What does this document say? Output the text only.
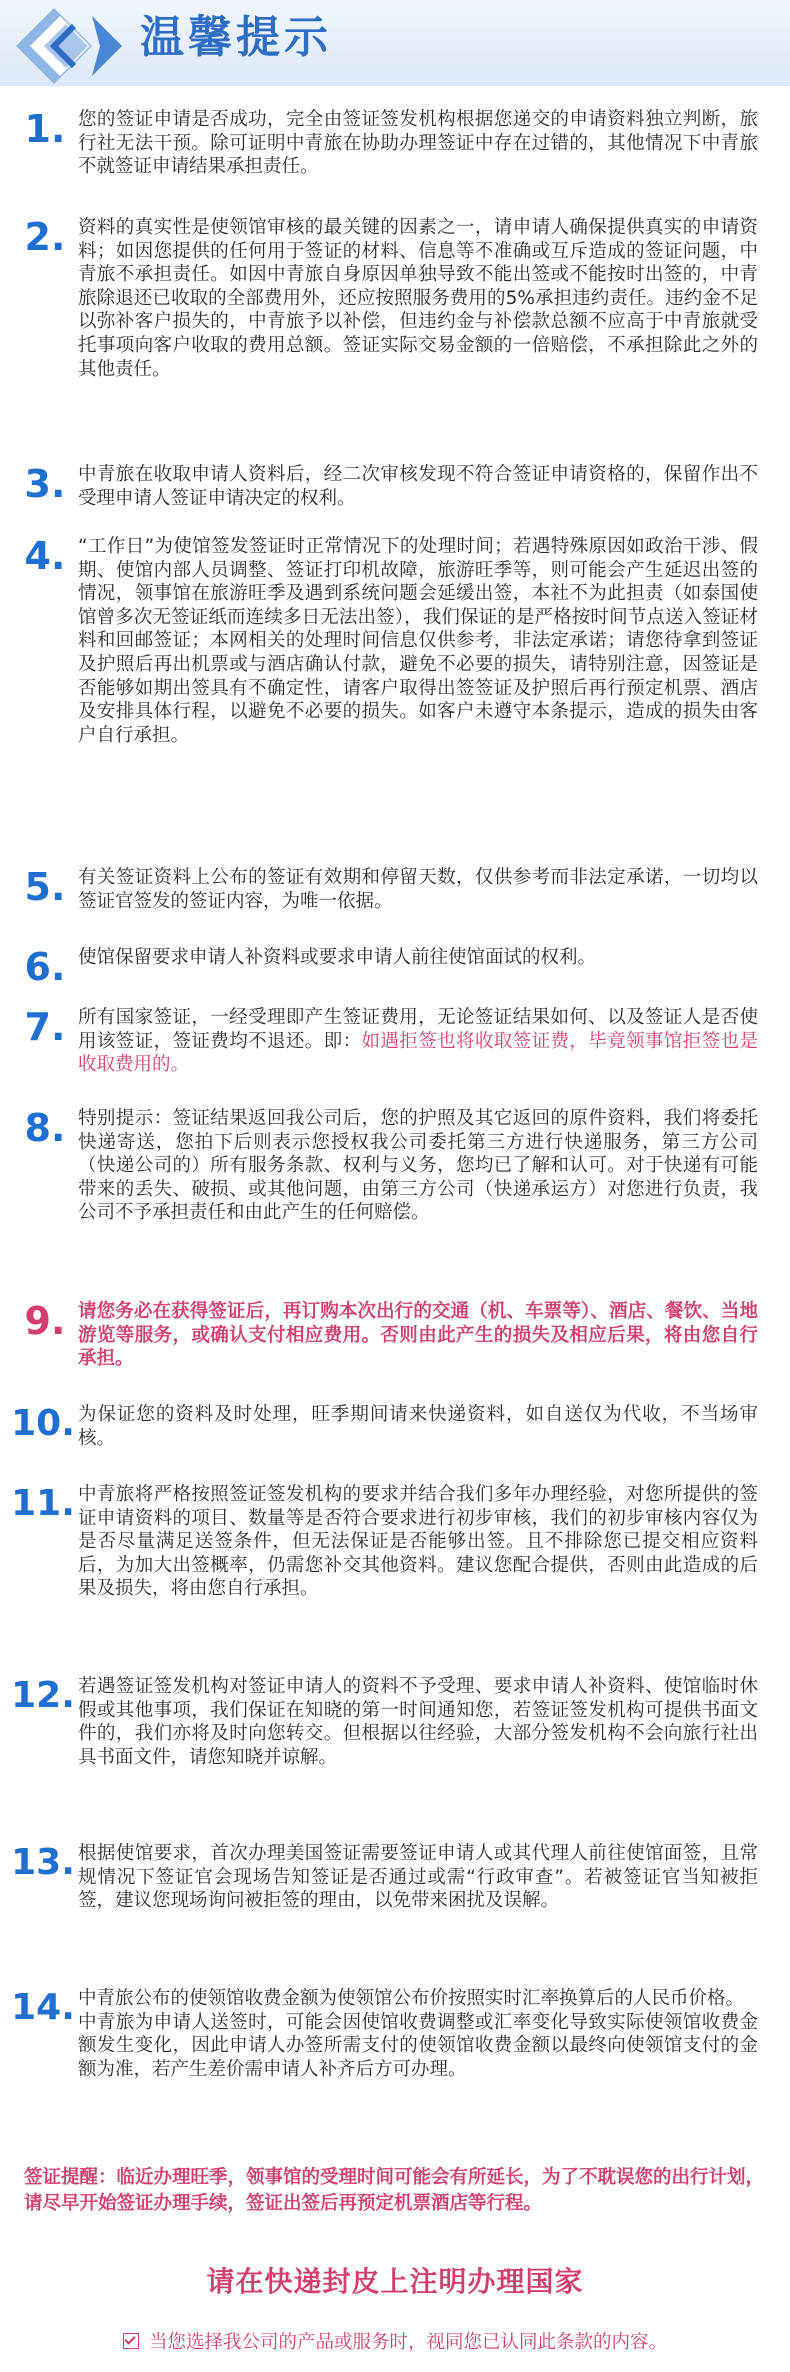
温馨提示
1. 您的签证申请是否成功，完全由签证签发机构根据您递交的申请资料独立判断，旅行社无法干预。除可证明中青旅在协助办理签证中存在过错的，其他情况下中青旅不就签证申请结果承担责任。
2. 资料的真实性是使领馆审核的最关键的因素之一，请申请人确保提供真实的申请资料；如因您提供的任何用于签证的材料、信息等不准确或互斥造成的签证问题，中青旅不承担责任。如因中青旅自身原因单独导致不能出签或不能按时出签的，中青旅除退还已收取的全部费用外，还应按照服务费用的5%承担违约责任。违约金不足以弥补客户损失的，中青旅予以补偿，但违约金与补偿款总额不应高于中青旅就受托事项向客户收取的费用总额。签证实际交易金额的一倍赔偿，不承担除此之外的其他责任。
3. 中青旅在收取申请人资料后，经二次审核发现不符合签证申请资格的，保留作出不受理申请人签证申请决定的权利。
4. “工作日”为使馆签发签证时正常情况下的处理时间；若遇特殊原因如政治干涉、假期、使馆内部人员调整、签证打印机故障，旅游旺季等，则可能会产生延迟出签的情况，领事馆在旅游旺季及遇到系统问题会延缓出签，本社不为此担责（如泰国使馆曾多次无签证纸而连续多日无法出签），我们保证的是严格按时间节点送入签证材料和回邮签证；本网相关的处理时间信息仅供参考，非法定承诺；请您待拿到签证及护照后再出机票或与酒店确认付款，避免不必要的损失，请特别注意，因签证是否能够如期出签具有不确定性，请客户取得出签签证及护照后再行预定机票、酒店及安排具体行程，以避免不必要的损失。如客户未遵守本条提示，造成的损失由客户自行承担。
5. 有关签证资料上公布的签证有效期和停留天数，仅供参考而非法定承诺，一切均以签证官签发的签证内容，为唯一依据。
6. 使馆保留要求申请人补资料或要求申请人前往使馆面试的权利。
7. 所有国家签证，一经受理即产生签证费用，无论签证结果如何、以及签证人是否使用该签证，签证费均不退还。即：如遇拒签也将收取签证费，毕竟领事馆拒签也是收取费用的。
8. 特别提示：签证结果返回我公司后，您的护照及其它返回的原件资料，我们将委托快递寄送，您拍下后则表示您授权我公司委托第三方进行快递服务，第三方公司（快递公司的）所有服务条款、权利与义务，您均已了解和认可。对于快递有可能带来的丢失、破损、或其他问题，由第三方公司（快递承运方）对您进行负责，我公司不予承担责任和由此产生的任何赔偿。
9. 请您务必在获得签证后，再订购本次出行的交通（机、车票等）、酒店、餐饮、当地游览等服务，或确认支付相应费用。否则由此产生的损失及相应后果，将由您自行承担。
10. 为保证您的资料及时处理，旺季期间请来快递资料，如自送仅为代收，不当场审核。
11. 中青旅将严格按照签证签发机构的要求并结合我们多年办理经验，对您所提供的签证申请资料的项目、数量等是否符合要求进行初步审核，我们的初步审核内容仅为是否尽量满足送签条件，但无法保证是否能够出签。且不排除您已提交相应资料后，为加大出签概率，仍需您补交其他资料。建议您配合提供，否则由此造成的后果及损失，将由您自行承担。
12. 若遇签证签发机构对签证申请人的资料不予受理、要求申请人补资料、使馆临时休假或其他事项，我们保证在知晓的第一时间通知您，若签证签发机构可提供书面文件的，我们亦将及时向您转交。但根据以往经验，大部分签发机构不会向旅行社出具书面文件，请您知晓并谅解。
13. 根据使馆要求，首次办理美国签证需要签证申请人或其代理人前往使馆面签，且常规情况下签证官会现场告知签证是否通过或需“行政审查”。若被签证官当知被拒签，建议您现场询问被拒签的理由，以免带来困扰及误解。
14. 中青旅公布的使领馆收费金额为使领馆公布价按照实时汇率换算后的人民币价格。

中青旅为申请人送签时，可能会因使馆收费调整或汇率变化导致实际使领馆收费金额发生变化，因此申请人办签所需支付的使领馆收费金额以最终向使领馆支付的金额为准，若产生差价需申请人补齐后方可办理。

签证提醒：临近办理旺季，领事馆的受理时间可能会有所延长，为了不耽误您的出行计划，请尽早开始签证办理手续，签证出签后再预定机票酒店等行程。
请在快递封皮上注明办理国家
当您选择我公司的产品或服务时，视同您已认同此条款的内容。
